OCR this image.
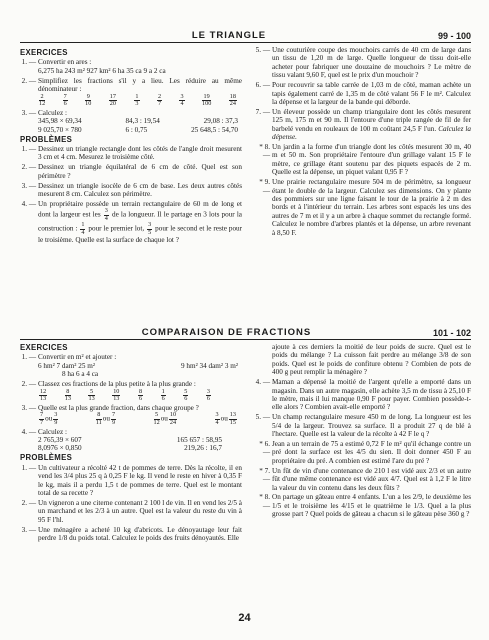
LE TRIANGLE	99 - 100
EXERCICES
1. — Convertir en ares :
6,275 ha 243 m² 927 km² 6 ha 35 ca 9 a 2 ca
2. — Simplifiez les fractions s'il y a lieu. Les réduire au même dénominateur :
$\frac{2}{12}$	$\frac{7}{6}$	$\frac{9}{10}$	$\frac{17}{20}$	$\frac{1}{3}$	$\frac{2}{7}$	$\frac{3}{4}$	$\frac{19}{100}$	$\frac{18}{24}$
3. — Calculez :
345,98 × 69,34	84,3 : 19,54	29,08 : 37,3
9 025,70 × 780	6 : 0,75	25 648,5 : 54,70
PROBLÈMES
1. — Dessinez un triangle rectangle dont les côtés de l'angle droit mesurent 3 cm et 4 cm. Mesurez le troisième côté.
2. — Dessinez un triangle équilatéral de 6 cm de côté. Quel est son périmètre ?
3. — Dessinez un triangle isocèle de 6 cm de base. Les deux autres côtés mesurent 8 cm. Calculez son périmètre.
4. — Un propriétaire possède un terrain rectangulaire de 60 m de long et dont la largeur est les $\frac{3}{4}$ de la longueur. Il le partage en 3 lots pour la construction : $\frac{1}{4}$ pour le premier lot, $\frac{3}{5}$ pour le second et le reste pour le troisième. Quelle est la surface de chaque lot ?
5. — Une couturière coupe des mouchoirs carrés de 40 cm de large dans un tissu de 1,20 m de large. Quelle longueur de tissu doit-elle acheter pour fabriquer une douzaine de mouchoirs ? Le mètre de tissu valant 9,60 F, quel est le prix d'un mouchoir ?
6. — Pour recouvrir sa table carrée de 1,03 m de côté, maman achète un tapis également carré de 1,35 m de côté valant 56 F le m². Calculez la dépense et la largeur de la bande qui déborde.
7. — Un éleveur possède un champ triangulaire dont les côtés mesurent 125 m, 175 m et 90 m. Il l'entoure d'une triple rangée de fil de fer barbelé vendu en rouleaux de 100 m coûtant 24,5 F l'un. Calculez la dépense.
* 8. —
Un jardin a la forme d'un triangle dont les côtés mesurent 30 m, 40 m et 50 m. Son propriétaire l'entoure d'un grillage valant 15 F le mètre, ce grillage étant soutenu par des piquets espacés de 2 m. Quelle est la dépense, un piquet valant 0,95 F ?
* 9. —
Une prairie rectangulaire mesure 504 m de périmètre, sa longueur étant le double de la largeur. Calculez ses dimensions. On y plante des pommiers sur une ligne faisant le tour de la prairie à 2 m des bords et à l'intérieur du terrain. Les arbres sont espacés les uns des autres de 7 m et il y a un arbre à chaque sommet du rectangle formé. Calculez le nombre d'arbres plantés et la dépense, un arbre revenant à 8,50 F.
COMPARAISON DE FRACTIONS	101 - 102
EXERCICES
1. — Convertir en m² et ajouter :
6 hm² 7 dam² 25 m²	9 hm² 34 dam² 3 m²
8 ha 6 a 4 ca
2. — Classez ces fractions de la plus petite à la plus grande :
$\frac{12}{13}$	$\frac{8}{13}$	$\frac{5}{13}$	$\frac{10}{13}$	$\frac{8}{6}$	$\frac{1}{6}$	$\frac{5}{6}$	$\frac{3}{6}$
3. — Quelle est la plus grande fraction, dans chaque groupe ?
$\frac{7}{7}$ ou $\frac{3}{9}$	$\frac{8}{11}$ ou $\frac{7}{9}$	$\frac{5}{12}$ ou $\frac{10}{24}$	$\frac{3}{4}$ ou $\frac{13}{15}$
4. — Calculez :
2 765,39 × 607	165 657 : 58,95
8,0976 × 0,850	219,26 : 16,7
PROBLÈMES
1. — Un cultivateur a récolté 42 t de pommes de terre. Dès la récolte, il en vend les 3/4 plus 25 q à 0,25 F le kg. Il vend le reste en hiver à 0,35 F le kg, mais il a perdu 1,5 t de pommes de terre. Quel est le montant total de sa recette ?
2. — Un vigneron a une citerne contenant 2 100 l de vin. Il en vend les 2/5 à un marchand et les 2/3 à un autre. Quel est la valeur du reste du vin à 95 F l'hl.
3. — Une ménagère a acheté 10 kg d'abricots. Le dénoyautage leur fait perdre 1/8 du poids total. Calculez le poids des fruits dénoyautés. Elle
ajoute à ces derniers la moitié de leur poids de sucre. Quel est le poids du mélange ? La cuisson fait perdre au mélange 3/8 de son poids. Quel est le poids de confiture obtenu ? Combien de pots de 400 g peut remplir la ménagère ?
4. — Maman a dépensé la moitié de l'argent qu'elle a emporté dans un magasin. Dans un autre magasin, elle achète 3,5 m de tissu à 25,10 F le mètre, mais il lui manque 0,90 F pour payer. Combien possède-t-elle alors ? Combien avait-elle emporté ?
5. — Un champ rectangulaire mesure 450 m de long. La longueur est les 5/4 de la largeur. Trouvez sa surface. Il a produit 27 q de blé à l'hectare. Quelle est la valeur de la récolte à 42 F le q ?
* 6. —
Jean a un terrain de 75 a estimé 0,72 F le m² qu'il échange contre un pré dont la surface est les 4/5 du sien. Il doit donner 450 F au propriétaire du pré. A combien est estimé l'are du pré ?
* 7. —
Un fût de vin d'une contenance de 210 l est vidé aux 2/3 et un autre fût d'une même contenance est vidé aux 4/7. Quel est à 1,2 F le litre la valeur du vin contenu dans les deux fûts ?
* 8. —
On partage un gâteau entre 4 enfants. L'un a les 2/9, le deuxième les 1/5 et le troisième les 4/15 et le quatrième le 1/3. Quel a la plus grosse part ? Quel poids de gâteau a chacun si le gâteau pèse 360 g ?
24
